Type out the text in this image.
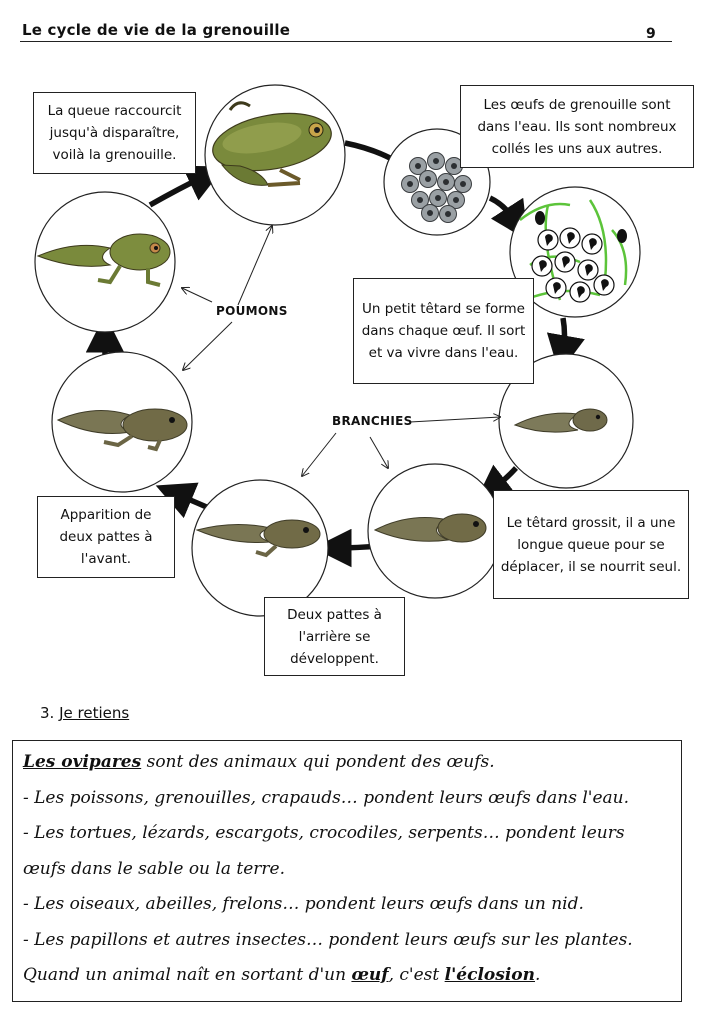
Le cycle de vie de la grenouille	9
La queue raccourcit jusqu'à disparaître, voilà la grenouille.
Les œufs de grenouille sont dans l'eau. Ils sont nombreux collés les uns aux autres.
Un petit têtard se forme dans chaque œuf. Il sort et va vivre dans l'eau.
Le têtard grossit, il a une longue queue pour se déplacer, il se nourrit seul.
Deux pattes à l'arrière se développent.
Apparition de deux pattes à l'avant.
POUMONS
BRANCHIES
3. Je retiens

Les ovipares sont des animaux qui pondent des œufs.

- Les poissons, grenouilles, crapauds… pondent leurs œufs dans l'eau.

- Les tortues, lézards, escargots, crocodiles, serpents… pondent leurs œufs dans le sable ou la terre.

- Les oiseaux, abeilles, frelons… pondent leurs œufs dans un nid.

- Les papillons et autres insectes… pondent leurs œufs sur les plantes.

Quand un animal naît en sortant d'un œuf, c'est l'éclosion.
